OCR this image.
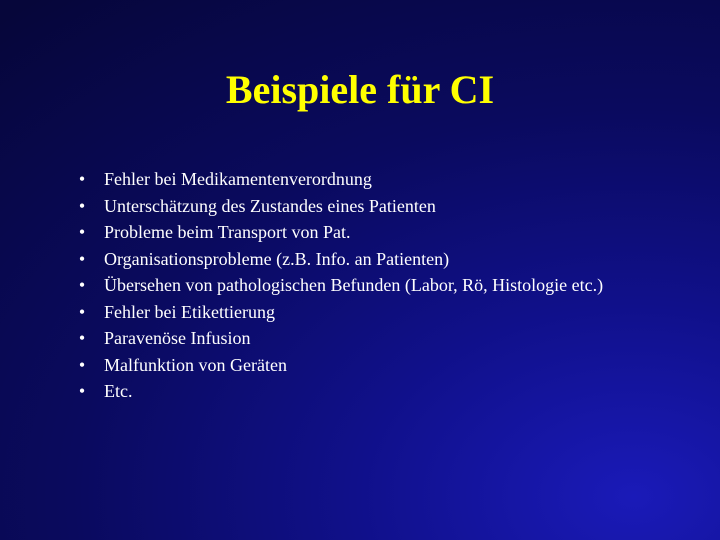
Beispiele für CI
• Fehler bei Medikamentenverordnung
• Unterschätzung des Zustandes eines Patienten
• Probleme beim Transport von Pat.
• Organisationsprobleme (z.B. Info. an Patienten)
• Übersehen von pathologischen Befunden (Labor, Rö, Histologie etc.)
• Fehler bei Etikettierung
• Paravenöse Infusion
• Malfunktion von Geräten
• Etc.
